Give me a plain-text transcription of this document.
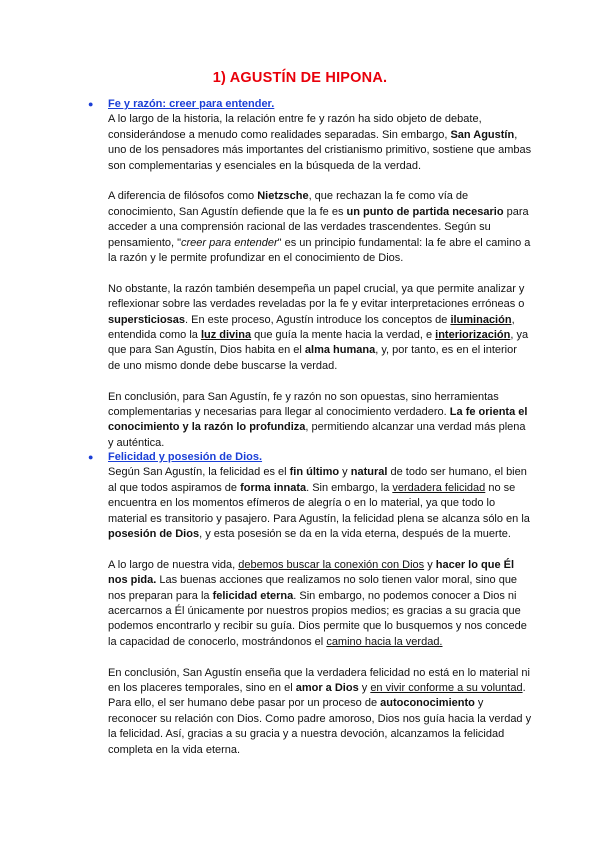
1) AGUSTÍN DE HIPONA.
● Fe y razón: creer para entender.

A lo largo de la historia, la relación entre fe y razón ha sido objeto de debate, considerándose a menudo como realidades separadas. Sin embargo, San Agustín, uno de los pensadores más importantes del cristianismo primitivo, sostiene que ambas son complementarias y esenciales en la búsqueda de la verdad.

A diferencia de filósofos como Nietzsche, que rechazan la fe como vía de conocimiento, San Agustín defiende que la fe es un punto de partida necesario para acceder a una comprensión racional de las verdades trascendentes. Según su pensamiento, "creer para entender" es un principio fundamental: la fe abre el camino a la razón y le permite profundizar en el conocimiento de Dios.

No obstante, la razón también desempeña un papel crucial, ya que permite analizar y reflexionar sobre las verdades reveladas por la fe y evitar interpretaciones erróneas o supersticiosas. En este proceso, Agustín introduce los conceptos de iluminación, entendida como la luz divina que guía la mente hacia la verdad, e interiorización, ya que para San Agustín, Dios habita en el alma humana, y, por tanto, es en el interior de uno mismo donde debe buscarse la verdad.

En conclusión, para San Agustín, fe y razón no son opuestas, sino herramientas complementarias y necesarias para llegar al conocimiento verdadero. La fe orienta el conocimiento y la razón lo profundiza, permitiendo alcanzar una verdad más plena y auténtica.

● Felicidad y posesión de Dios.

Según San Agustín, la felicidad es el fin último y natural de todo ser humano, el bien al que todos aspiramos de forma innata. Sin embargo, la verdadera felicidad no se encuentra en los momentos efímeros de alegría o en lo material, ya que todo lo material es transitorio y pasajero. Para Agustín, la felicidad plena se alcanza sólo en la posesión de Dios, y esta posesión se da en la vida eterna, después de la muerte.

A lo largo de nuestra vida, debemos buscar la conexión con Dios y hacer lo que Él nos pida. Las buenas acciones que realizamos no solo tienen valor moral, sino que nos preparan para la felicidad eterna. Sin embargo, no podemos conocer a Dios ni acercarnos a Él únicamente por nuestros propios medios; es gracias a su gracia que podemos encontrarlo y recibir su guía. Dios permite que lo busquemos y nos concede la capacidad de conocerlo, mostrándonos el camino hacia la verdad.

En conclusión, San Agustín enseña que la verdadera felicidad no está en lo material ni en los placeres temporales, sino en el amor a Dios y en vivir conforme a su voluntad. Para ello, el ser humano debe pasar por un proceso de autoconocimiento y reconocer su relación con Dios. Como padre amoroso, Dios nos guía hacia la verdad y la felicidad. Así, gracias a su gracia y a nuestra devoción, alcanzamos la felicidad completa en la vida eterna.
